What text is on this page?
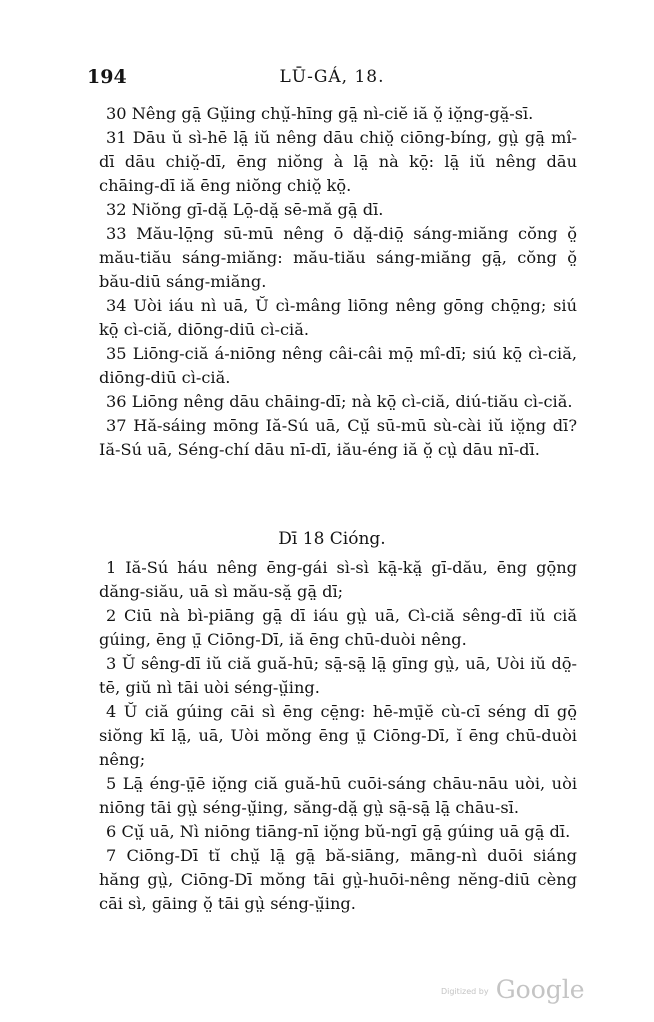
194	LŪ-GÁ, 18.

30 Nêng gā̤ Gṳ̆ing chṳ̆-hīng gā̤ nì-ciĕ iă ŏ̤ iŏ̤ng-gă̤-sī.

31 Dāu ŭ sì-hē lā̤ iŭ nêng dāu chiŏ̤ ciōng-bíng, gṳ̀ gā̤ mî-dī dāu chiŏ̤-dī, ēng niŏng à lā̤ nà kō̤: lā̤ iŭ nêng dāu chāing-dī iă ēng niŏng chiŏ̤ kō̤.

32 Niŏng gī-dă̤ Lō̤-dă̤ sē-mă gā̤ dī.

33 Mău-lō̤ng sū-mū nêng ō dă̤-diō̤ sáng-miăng cŏng ŏ̤ mău-tiău sáng-miăng: mău-tiău sáng-miăng gā̤, cŏng ŏ̤ bău-diū sáng-miăng.

34 Uòi iáu nì uā, Ŭ cì-mâng liōng nêng gōng chō̤ng; siú kō̤ cì-ciă, diōng-diū cì-ciă.

35 Liōng-ciă á-niōng nêng câi-câi mō̤ mî-dī; siú kō̤ cì-ciă, diōng-diū cì-ciă.

36 Liōng nêng dāu chāing-dī; nà kō̤ cì-ciă, diú-tiău cì-ciă.

37 Hă-sáing mōng Iă-Sú uā, Cṳ̆ sū-mū sù-cài iŭ iŏ̤ng dī? Iă-Sú uā, Séng-chí dāu nī-dī, iău-éng iă ŏ̤ cṳ̀ dāu nī-dī.

Dī 18 Cióng.

1 Iă-Sú háu nêng ēng-gái sì-sì kā̤-kă̤ gī-dău, ēng gō̤ng dăng-siău, uā sì mău-să̤ gā̤ dī;

2 Ciū nà bì-piāng gā̤ dī iáu gṳ̀ uā, Cì-ciă sêng-dī iŭ ciă gúing, ēng ṳ̄ Ciōng-Dī, iă ēng chū-duòi nêng.

3 Ŭ sêng-dī iŭ ciă guă-hū; sā̤-sā̤ lā̤ gīng gṳ̀, uā, Uòi iŭ dō̤-tē, giŭ nì tāi uòi séng-ṳ̆ing.

4 Ŭ ciă gúing cāi sì ēng cē̤ng: hē-mṳ̄ĕ cù-cī séng dī gō̤ siŏng kī lā̤, uā, Uòi mŏng ēng ṳ̄ Ciōng-Dī, ĭ ēng chū-duòi nêng;

5 Lā̤ éng-ṳ̄ē iŏ̤ng ciă guă-hū cuōi-sáng chāu-nāu uòi, uòi niōng tāi gṳ̀ séng-ṳ̆ing, săng-dă̤ gṳ̀ sā̤-sā̤ lā̤ chāu-sī.

6 Cṳ̆ uā, Nì niōng tiāng-nī iŏ̤ng bŭ-ngī gā̤ gúing uā gā̤ dī.

7 Ciōng-Dī tĭ chṳ̆ lā̤ gā̤ bă-siāng, māng-nì duōi siáng hăng gṳ̀, Ciōng-Dī mŏng tāi gṳ̀-huōi-nêng nĕng-diū cèng cāi sì, gāing ŏ̤ tāi gṳ̀ séng-ṳ̆ing.

$^{Digitized by}$ Google
